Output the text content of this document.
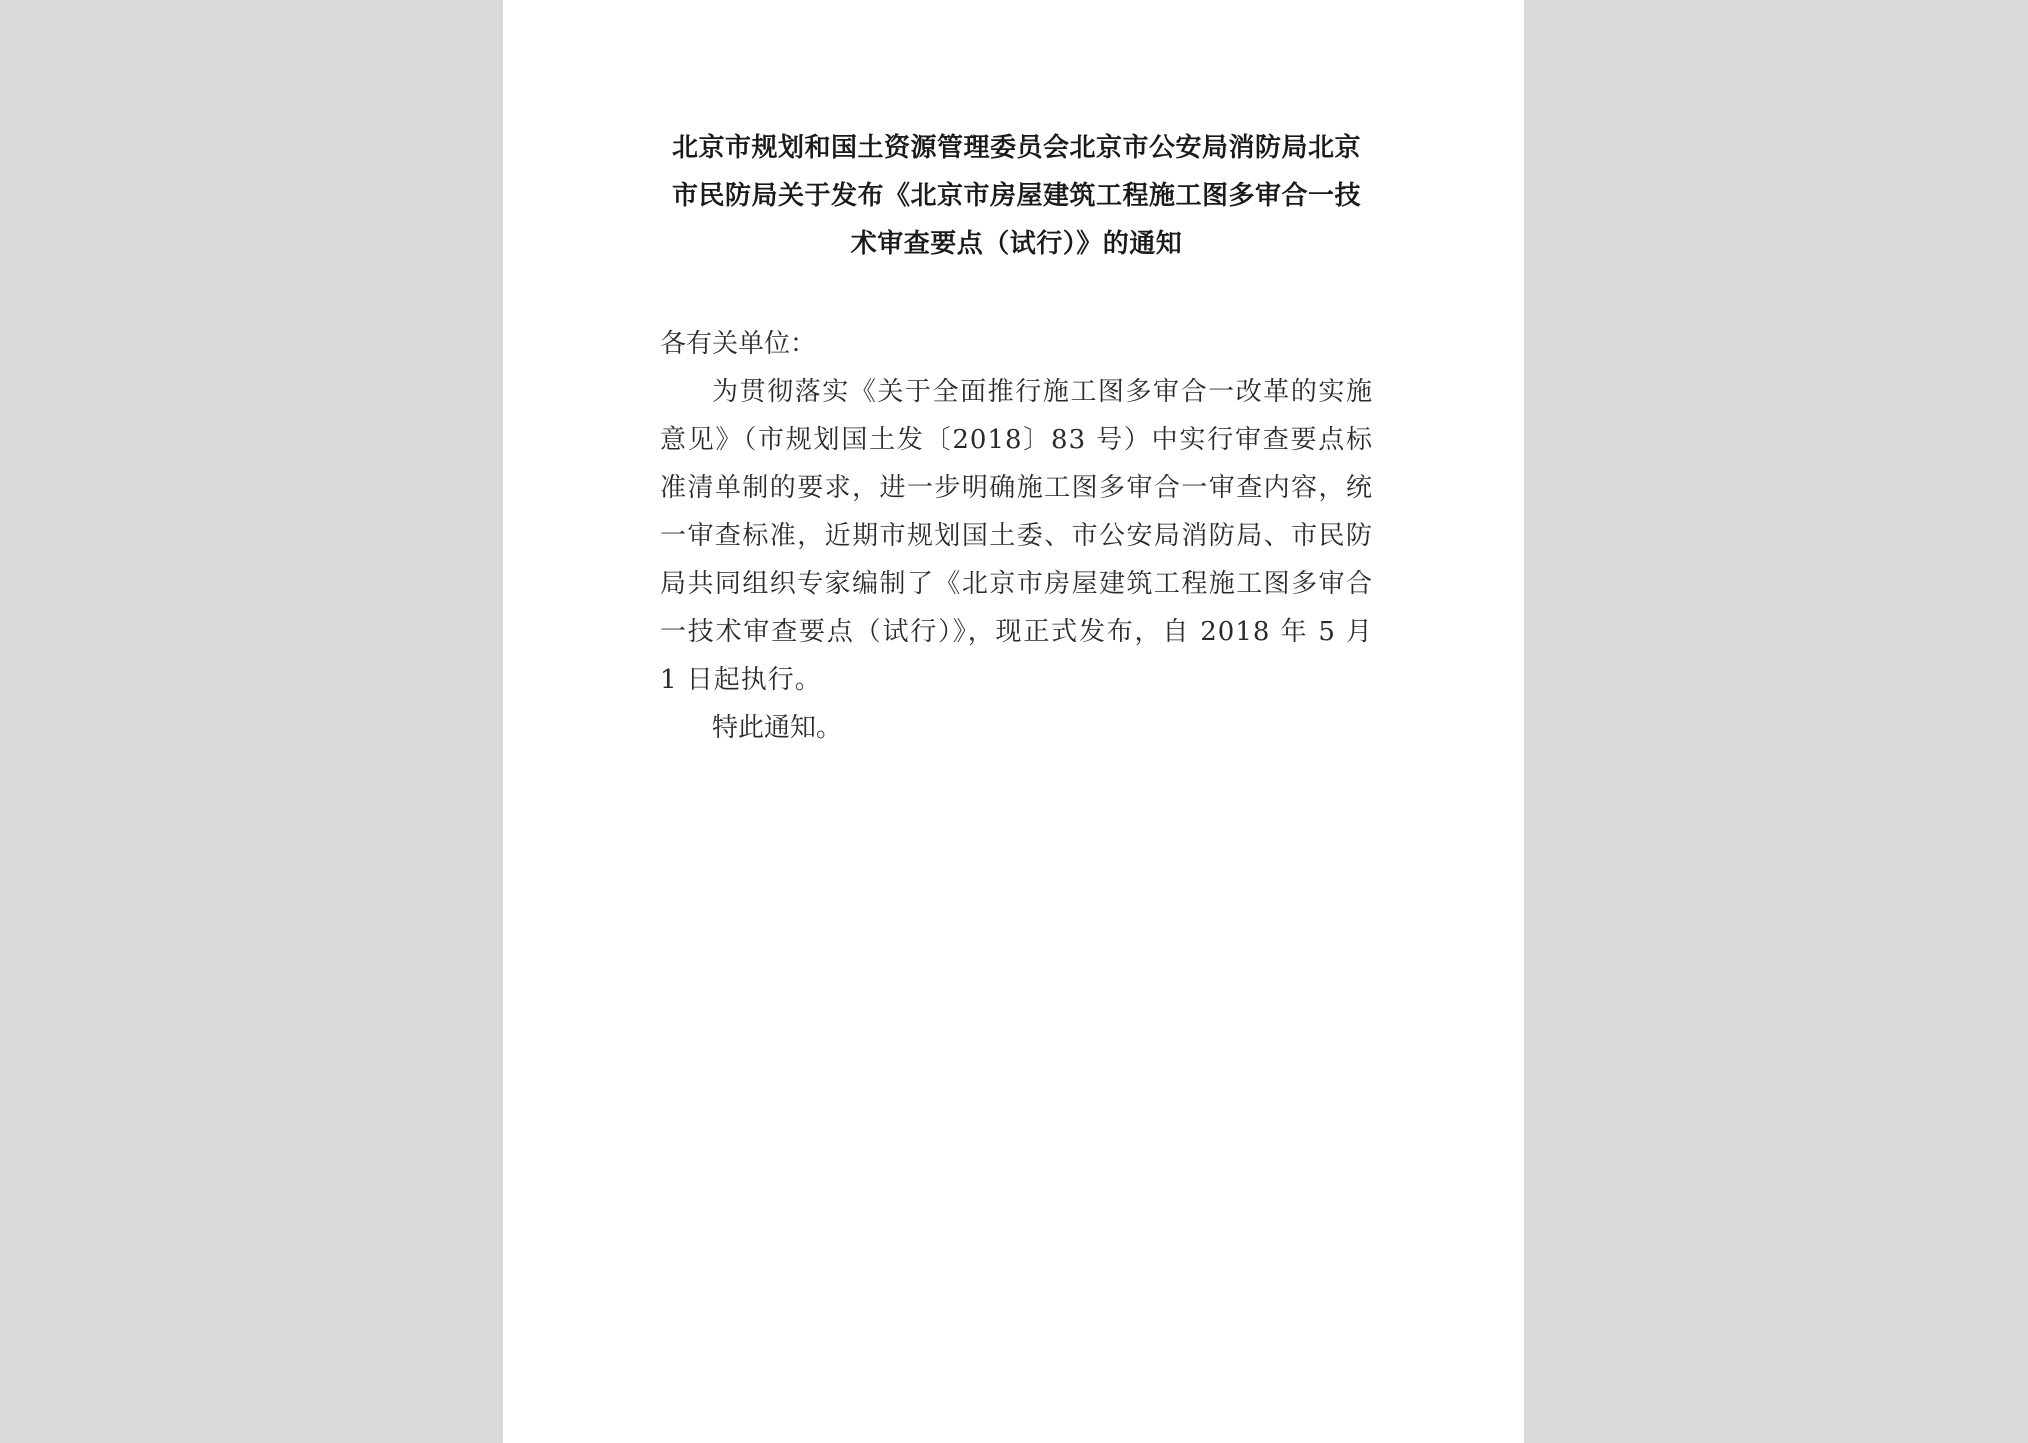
北京市规划和国土资源管理委员会北京市公安局消防局北京市民防局关于发布《北京市房屋建筑工程施工图多审合一技术审查要点（试行）》的通知

各有关单位：

为贯彻落实《关于全面推行施工图多审合一改革的实施意见》（市规划国土发〔2018〕83 号）中实行审查要点标准清单制的要求，进一步明确施工图多审合一审查内容，统一审查标准，近期市规划国土委、市公安局消防局、市民防局共同组织专家编制了《北京市房屋建筑工程施工图多审合一技术审查要点（试行）》，现正式发布，自 2018 年 5 月 1 日起执行。

特此通知。
